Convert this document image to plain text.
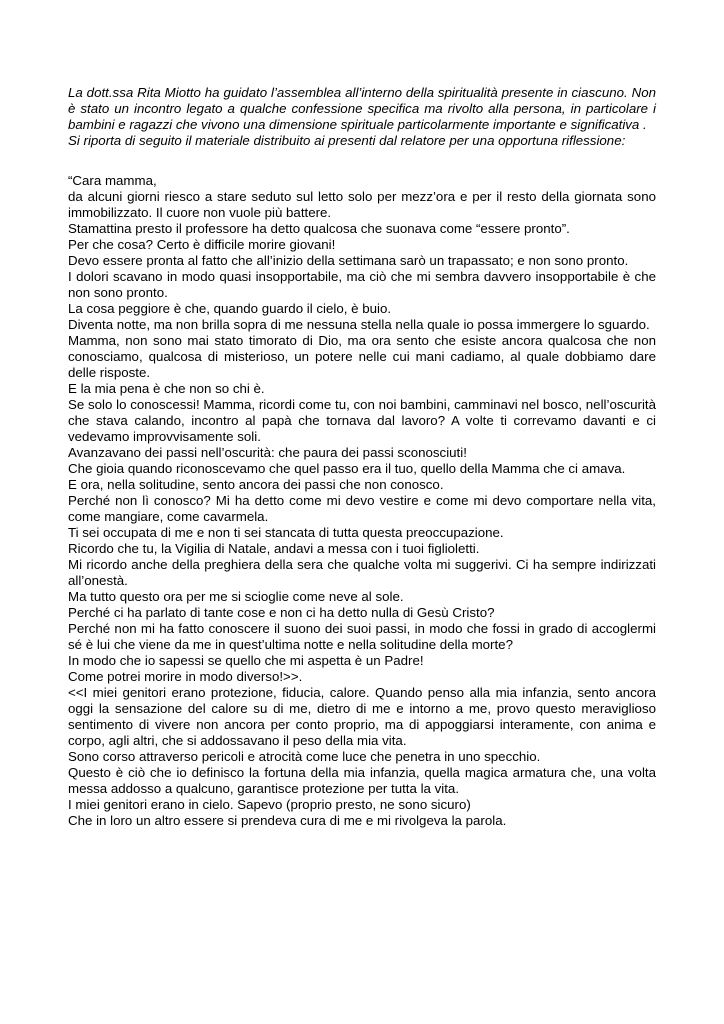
La dott.ssa Rita Miotto ha guidato l’assemblea all’interno della spiritualità presente in ciascuno. Non è stato un incontro legato a qualche confessione specifica ma rivolto alla persona, in particolare i bambini e ragazzi che vivono una dimensione spirituale particolarmente importante e significativa .

Si riporta di seguito il materiale distribuito ai presenti dal relatore per una opportuna riflessione:

“Cara mamma,

da alcuni giorni riesco a stare seduto sul letto solo per mezz’ora e per il resto della giornata sono immobilizzato. Il cuore non vuole più battere.

Stamattina presto il professore ha detto qualcosa che suonava come “essere pronto”.

Per che cosa? Certo è difficile morire giovani!

Devo essere pronta al fatto che all’inizio della settimana sarò un trapassato; e non sono pronto.

I dolori scavano in modo quasi insopportabile, ma ciò che mi sembra davvero insopportabile è che non sono pronto.

La cosa peggiore è che, quando guardo il cielo, è buio.

Diventa notte, ma non brilla sopra di me nessuna stella nella quale io possa immergere lo sguardo.

Mamma, non sono mai stato timorato di Dio, ma ora sento che esiste ancora qualcosa che non conosciamo, qualcosa di misterioso, un potere nelle cui mani cadiamo, al quale dobbiamo dare delle risposte.

E la mia pena è che non so chi è.

Se solo lo conoscessi! Mamma, ricordi come tu, con noi bambini, camminavi nel bosco, nell’oscurità che stava calando, incontro al papà che tornava dal lavoro? A volte ti correvamo davanti e ci vedevamo improvvisamente soli.

Avanzavano dei passi nell’oscurità: che paura dei passi sconosciuti!

Che gioia quando riconoscevamo che quel passo era il tuo, quello della Mamma che ci amava.

E ora, nella solitudine, sento ancora dei passi che non conosco.

Perché non lì conosco? Mi ha detto come mi devo vestire e come mi devo comportare nella vita, come mangiare, come cavarmela.

Ti sei occupata di me e non ti sei stancata di tutta questa preoccupazione.

Ricordo che tu, la Vigilia di Natale, andavi a messa con i tuoi figlioletti.

Mi ricordo anche della preghiera della sera che qualche volta mi suggerivi. Ci ha sempre indirizzati all’onestà.

Ma tutto questo ora per me si scioglie come neve al sole.

Perché ci ha parlato di tante cose e non ci ha detto nulla di Gesù Cristo?

Perché non mi ha fatto conoscere il suono dei suoi passi, in modo che fossi in grado di accoglermi sé è lui che viene da me in quest’ultima notte e nella solitudine della morte?

In modo che io sapessi se quello che mi aspetta è un Padre!

Come potrei morire in modo diverso!>>.

<<I miei genitori erano protezione, fiducia, calore. Quando penso alla mia infanzia, sento ancora oggi la sensazione del calore su di me, dietro di me e intorno a me, provo questo meraviglioso sentimento di vivere non ancora per conto proprio, ma di appoggiarsi interamente, con anima e corpo, agli altri, che si addossavano il peso della mia vita.

Sono corso attraverso pericoli e atrocità come luce che penetra in uno specchio.

Questo è ciò che io definisco la fortuna della mia infanzia, quella magica armatura che, una volta messa addosso a qualcuno, garantisce protezione per tutta la vita.

I miei genitori erano in cielo. Sapevo (proprio presto, ne sono sicuro)

Che in loro un altro essere si prendeva cura di me e mi rivolgeva la parola.
